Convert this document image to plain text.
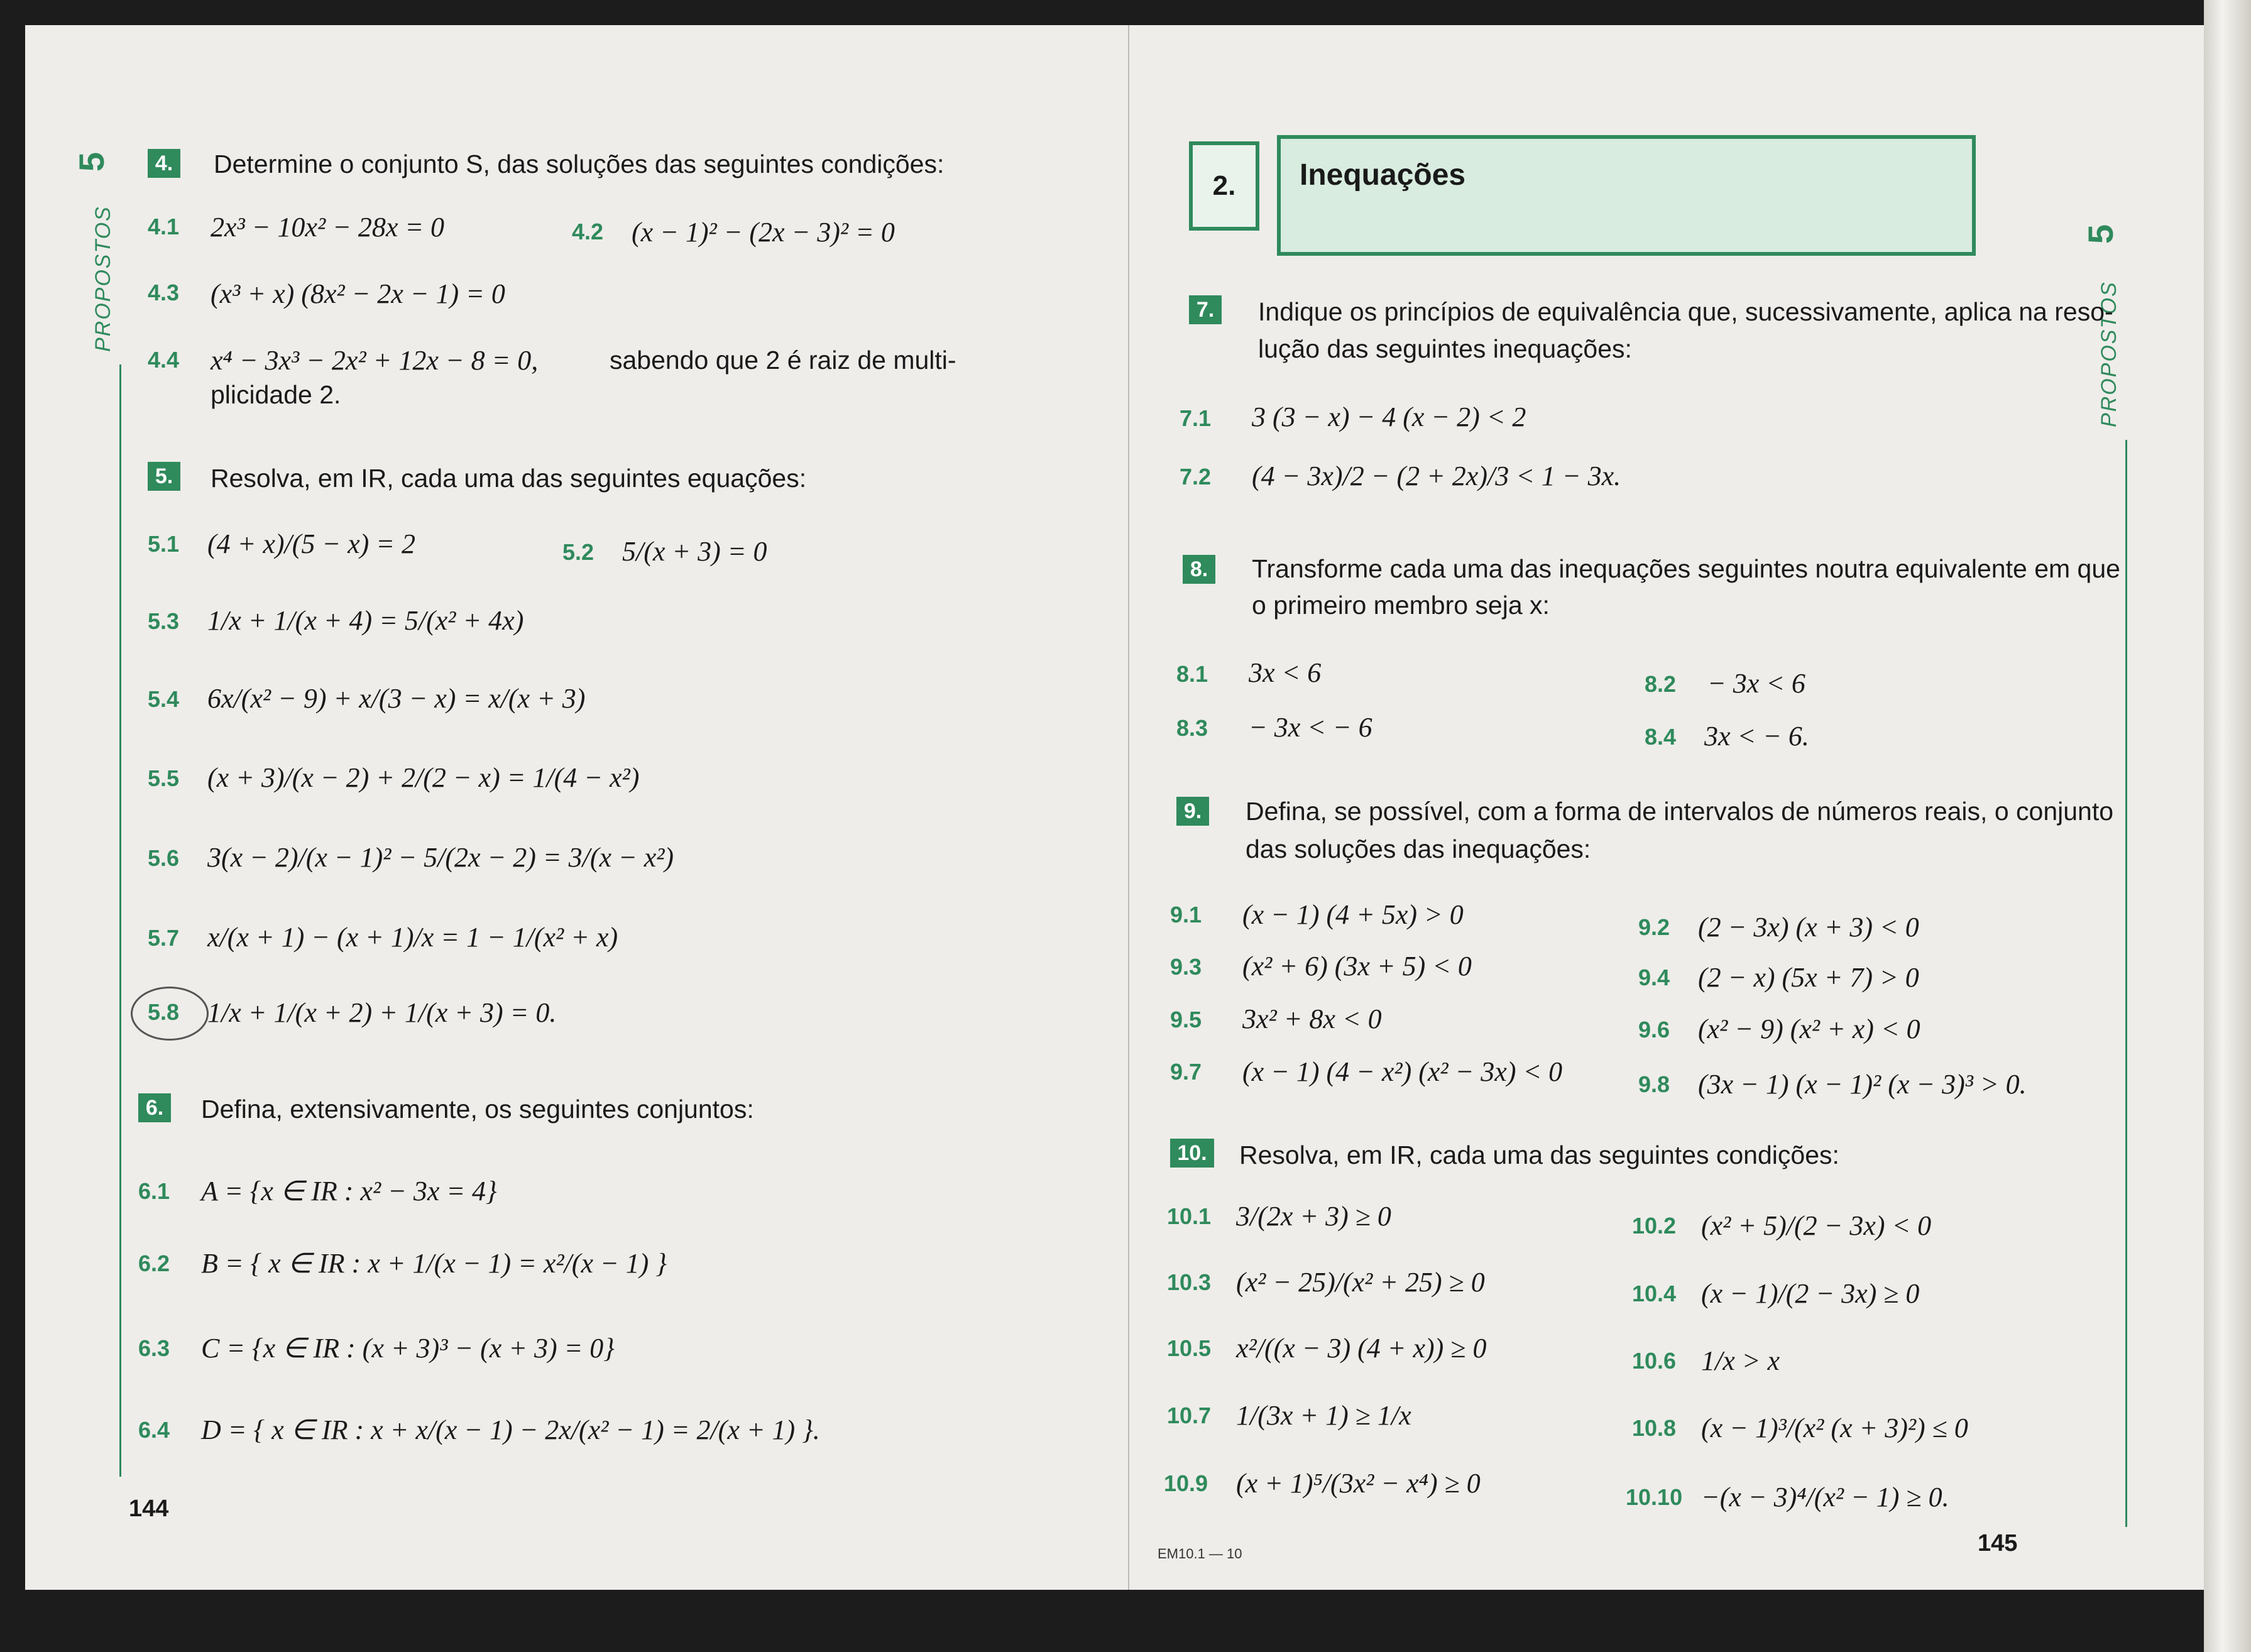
5
PROPOSTOS
4. Determine o conjunto S, das soluções das seguintes condições:
4.1 2x³ − 10x² − 28x = 0	4.2 (x − 1)² − (2x − 3)² = 0
4.3 (x³ + x) (8x² − 2x − 1) = 0
4.4 x⁴ − 3x³ − 2x² + 12x − 8 = 0,	sabendo que 2 é raiz de multi-
plicidade 2.
5. Resolva, em IR, cada uma das seguintes equações:
5.1 (4 + x)/(5 − x) = 2	5.2 5/(x + 3) = 0
5.3 1/x + 1/(x + 4) = 5/(x² + 4x)
5.4 6x/(x² − 9) + x/(3 − x) = x/(x + 3)
5.5 (x + 3)/(x − 2) + 2/(2 − x) = 1/(4 − x²)
5.6 3(x − 2)/(x − 1)² − 5/(2x − 2) = 3/(x − x²)
5.7 x/(x + 1) − (x + 1)/x = 1 − 1/(x² + x)
5.8 1/x + 1/(x + 2) + 1/(x + 3) = 0.
6. Defina, extensivamente, os seguintes conjuntos:
6.1 A = {x ∈ IR : x² − 3x = 4}
6.2 B = { x ∈ IR : x + 1/(x − 1) = x²/(x − 1) }
6.3 C = {x ∈ IR : (x + 3)³ − (x + 3) = 0}
6.4 D = { x ∈ IR : x + x/(x − 1) − 2x/(x² − 1) = 2/(x + 1) }.
144
2.	Inequações
5
PROPOSTOS
7. Indique os princípios de equivalência que, sucessivamente, aplica na reso-
lução das seguintes inequações:
7.1 3 (3 − x) − 4 (x − 2) < 2
7.2 (4 − 3x)/2 − (2 + 2x)/3 < 1 − 3x.
8. Transforme cada uma das inequações seguintes noutra equivalente em que
o primeiro membro seja x:
8.1 3x < 6	8.2 − 3x < 6
8.3 − 3x < − 6	8.4 3x < − 6.
9. Defina, se possível, com a forma de intervalos de números reais, o conjunto
das soluções das inequações:
9.1 (x − 1) (4 + 5x) > 0	9.2 (2 − 3x) (x + 3) < 0
9.3 (x² + 6) (3x + 5) < 0	9.4 (2 − x) (5x + 7) > 0
9.5 3x² + 8x < 0	9.6 (x² − 9) (x² + x) < 0
9.7 (x − 1) (4 − x²) (x² − 3x) < 0	9.8 (3x − 1) (x − 1)² (x − 3)³ > 0.
10. Resolva, em IR, cada uma das seguintes condições:
10.1 3/(2x + 3) ≥ 0	10.2 (x² + 5)/(2 − 3x) < 0
10.3 (x² − 25)/(x² + 25) ≥ 0	10.4 (x − 1)/(2 − 3x) ≥ 0
10.5 x²/((x − 3) (4 + x)) ≥ 0	10.6 1/x > x
10.7 1/(3x + 1) ≥ 1/x	10.8 (x − 1)³/(x² (x + 3)²) ≤ 0
10.9 (x + 1)⁵/(3x² − x⁴) ≥ 0	10.10 −(x − 3)⁴/(x² − 1) ≥ 0.
EM10.1 — 10	145
